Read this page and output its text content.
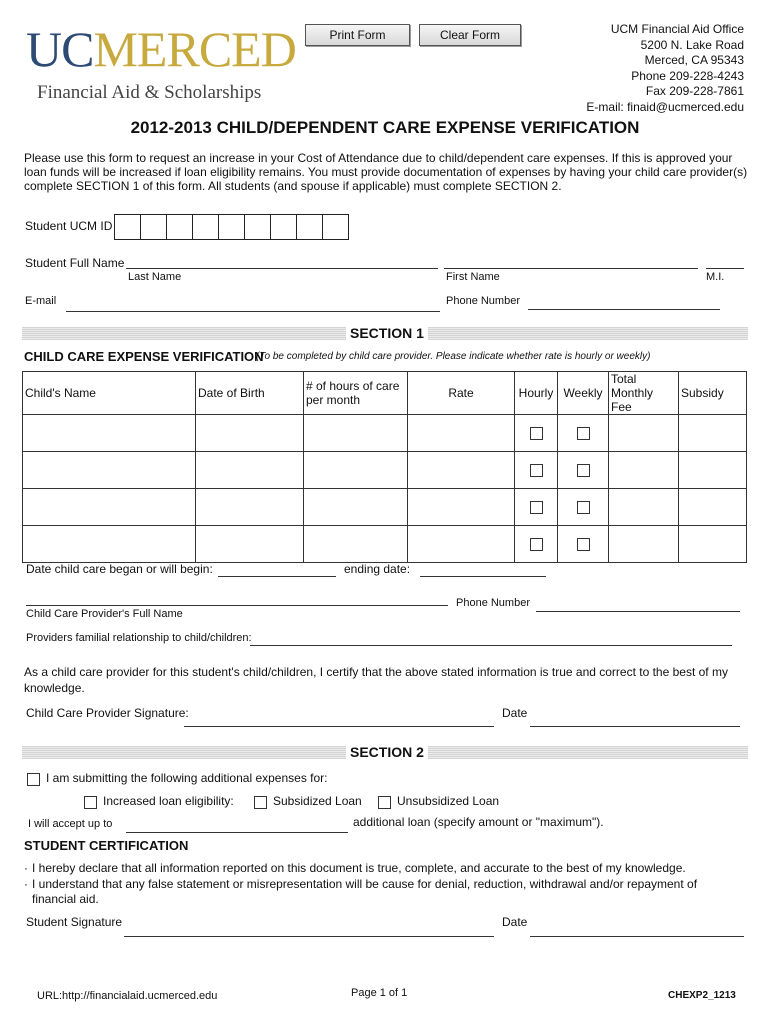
UCMERCED
Financial Aid & Scholarships
Print Form	Clear Form	UCM Financial Aid Office
5200 N. Lake Road
Merced, CA 95343
Phone 209-228-4243
Fax 209-228-7861
E-mail: finaid@ucmerced.edu
2012-2013 CHILD/DEPENDENT CARE EXPENSE VERIFICATION
Please use this form to request an increase in your Cost of Attendance due to child/dependent care expenses. If this is approved your loan funds will be increased if loan eligibility remains. You must provide documentation of expenses by having your child care provider(s) complete SECTION 1 of this form. All students (and spouse if applicable) must complete SECTION 2.
Student UCM ID
Student Full Name
Last Name	First Name	M.I.
E-mail	Phone Number
SECTION 1
CHILD CARE EXPENSE VERIFICATION
(To be completed by child care provider. Please indicate whether rate is hourly or weekly)
Child's Name	Date of Birth	# of hours of care per month	Rate	Hourly	Weekly	Total Monthly Fee	Subsidy

Date child care began or will begin:	ending date:
Child Care Provider's Full Name
Phone Number
Providers familial relationship to child/children:
As a child care provider for this student's child/children, I certify that the above stated information is true and correct to the best of my knowledge.
Child Care Provider Signature:	Date
SECTION 2
I am submitting the following additional expenses for:
Increased loan eligibility:	Subsidized Loan	Unsubsidized Loan
I will accept up to	additional loan (specify amount or "maximum").
STUDENT CERTIFICATION
· I hereby declare that all information reported on this document is true, complete, and accurate to the best of my knowledge.
· I understand that any false statement or misrepresentation will be cause for denial, reduction, withdrawal and/or repayment of financial aid.
Student Signature	Date
URL:http://financialaid.ucmerced.edu	Page 1 of 1	CHEXP2_1213
